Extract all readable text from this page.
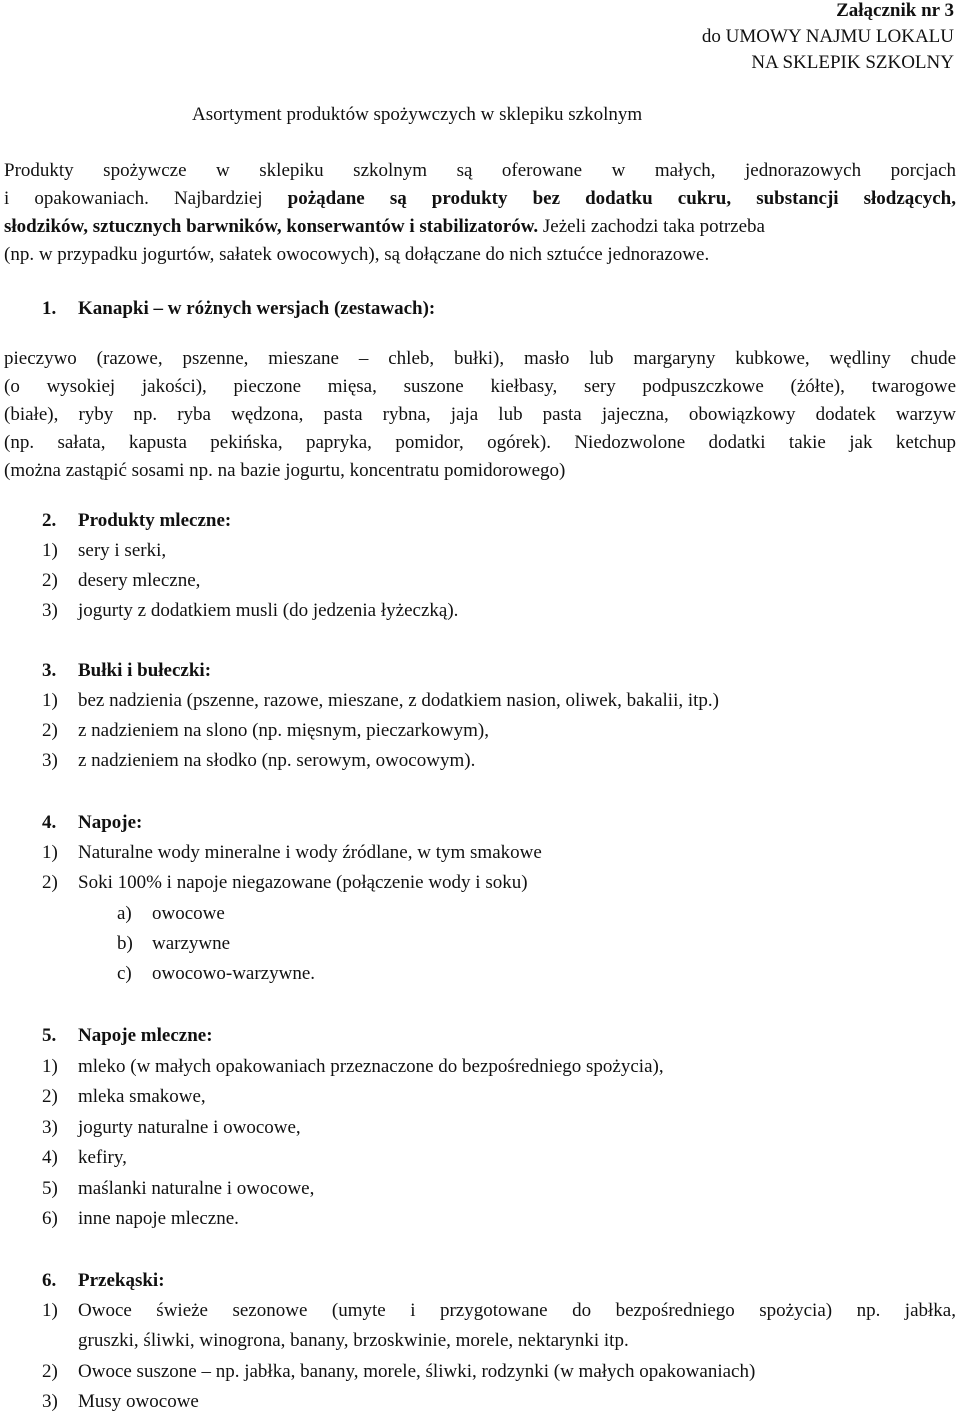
Załącznik nr 3
do UMOWY NAJMU LOKALU
NA SKLEPIK SZKOLNY
Asortyment produktów spożywczych w sklepiku szkolnym
Produkty spożywcze w sklepiku szkolnym są oferowane w małych, jednorazowych porcjach
i opakowaniach. Najbardziej pożądane są produkty bez dodatku cukru, substancji słodzących,
słodzików, sztucznych barwników, konserwantów i stabilizatorów. Jeżeli zachodzi taka potrzeba
(np. w przypadku jogurtów, sałatek owocowych), są dołączane do nich sztućce jednorazowe.
1. Kanapki – w różnych wersjach (zestawach):
pieczywo (razowe, pszenne, mieszane – chleb, bułki), masło lub margaryny kubkowe, wędliny chude
(o wysokiej jakości), pieczone mięsa, suszone kiełbasy, sery podpuszczkowe (żółte), twarogowe
(białe), ryby np. ryba wędzona, pasta rybna, jaja lub pasta jajeczna, obowiązkowy dodatek warzyw
(np. sałata, kapusta pekińska, papryka, pomidor, ogórek). Niedozwolone dodatki takie jak ketchup
(można zastąpić sosami np. na bazie jogurtu, koncentratu pomidorowego)
2. Produkty mleczne:
1) sery i serki,
2) desery mleczne,
3) jogurty z dodatkiem musli (do jedzenia łyżeczką).
3. Bułki i bułeczki:
1) bez nadzienia (pszenne, razowe, mieszane, z dodatkiem nasion, oliwek, bakalii, itp.)
2) z nadzieniem na slono (np. mięsnym, pieczarkowym),
3) z nadzieniem na słodko (np. serowym, owocowym).
4. Napoje:
1) Naturalne wody mineralne i wody źródlane, w tym smakowe
2) Soki 100% i napoje niegazowane (połączenie wody i soku)
a) owocowe
b) warzywne
c) owocowo-warzywne.
5. Napoje mleczne:
1) mleko (w małych opakowaniach przeznaczone do bezpośredniego spożycia),
2) mleka smakowe,
3) jogurty naturalne i owocowe,
4) kefiry,
5) maślanki naturalne i owocowe,
6) inne napoje mleczne.
6. Przekąski:
1) Owoce świeże sezonowe (umyte i przygotowane do bezpośredniego spożycia) np. jabłka,
gruszki, śliwki, winogrona, banany, brzoskwinie, morele, nektarynki itp.
2) Owoce suszone – np. jabłka, banany, morele, śliwki, rodzynki (w małych opakowaniach)
3) Musy owocowe
